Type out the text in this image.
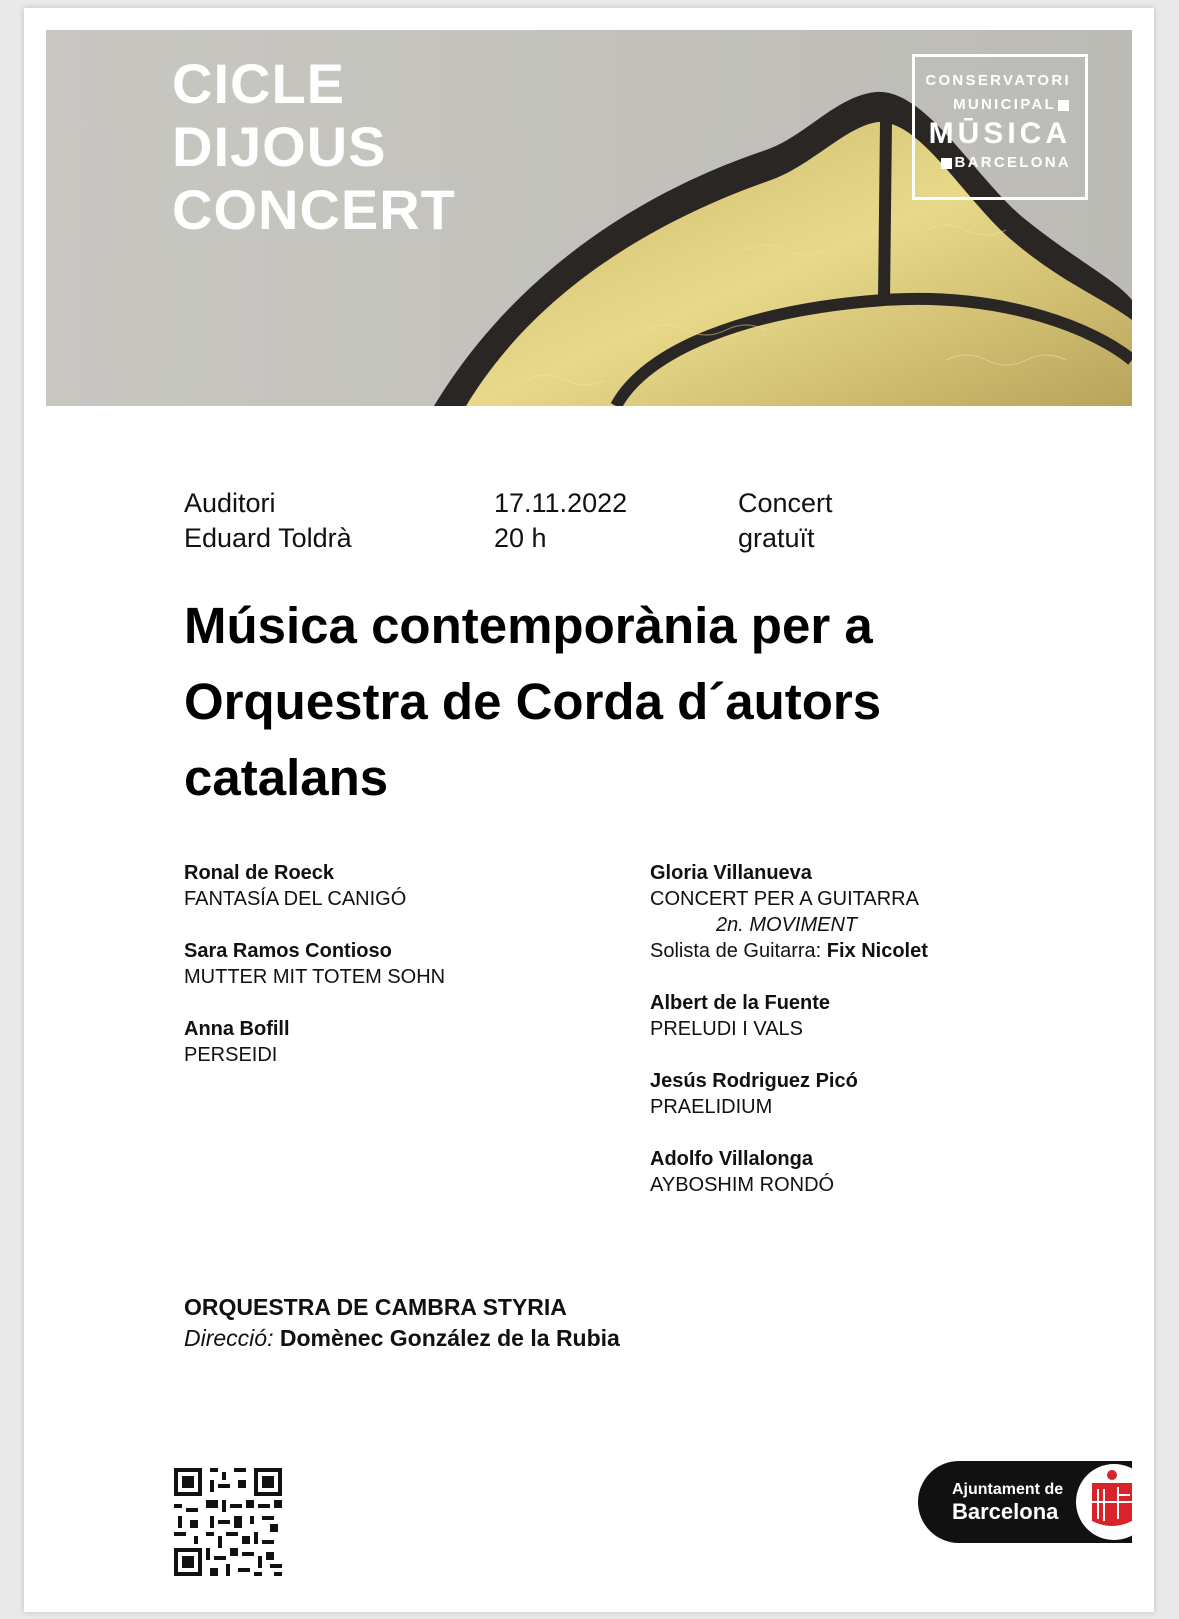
CICLE
DIJOUS
CONCERT
CONSERVATORI
MUNICIPAL
MŪSICA
BARCELONA
Auditori
Eduard Toldrà
17.11.2022
20 h
Concert
gratuït
Música contemporània per a
Orquestra de Corda d´autors
catalans
Ronal de Roeck
FANTASÍA DEL CANIGÓ
Sara Ramos Contioso
MUTTER MIT TOTEM SOHN
Anna Bofill
PERSEIDI
Gloria Villanueva
CONCERT PER A GUITARRA
2n. MOVIMENT
Solista de Guitarra: Fix Nicolet
Albert de la Fuente
PRELUDI I VALS
Jesús Rodriguez Picó
PRAELIDIUM
Adolfo Villalonga
AYBOSHIM RONDÓ
ORQUESTRA DE CAMBRA STYRIA
Direcció: Domènec González de la Rubia
Ajuntament de
Barcelona
